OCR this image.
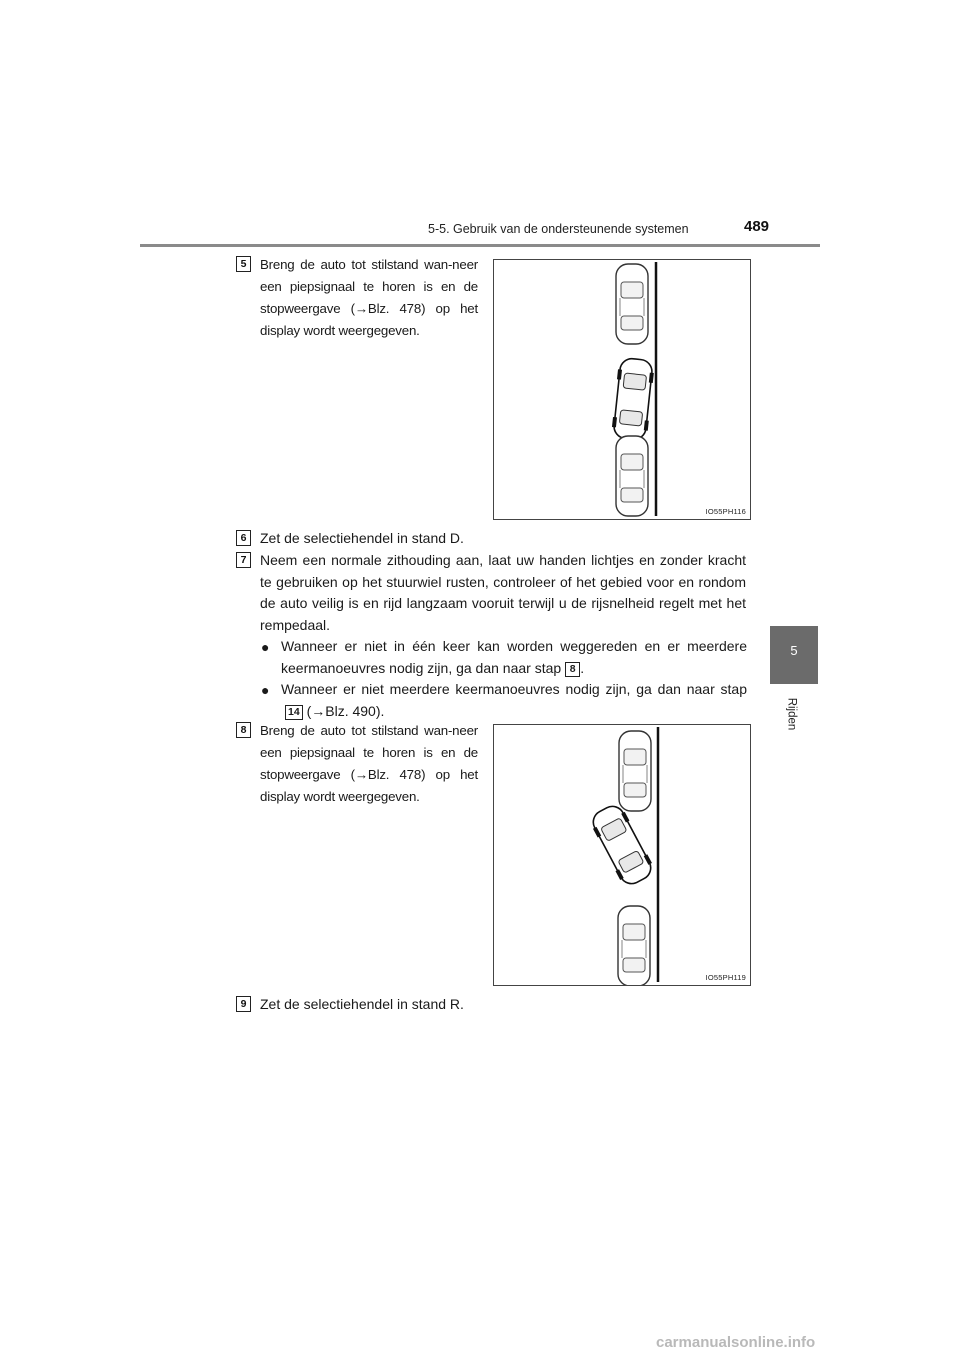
5-5. Gebruik van de ondersteunende systemen	489
5
Rijden
5	Breng de auto tot stilstand wan-neer een piepsignaal te horen is en de stopweergave (→Blz. 478) op het display wordt weergegeven.
IO55PH116
6 Zet de selectiehendel in stand D.
7 Neem een normale zithouding aan, laat uw handen lichtjes en zonder kracht te gebruiken op het stuurwiel rusten, controleer of het gebied voor en rondom de auto veilig is en rijd langzaam vooruit terwijl u de rijsnelheid regelt met het rempedaal.
● Wanneer er niet in één keer kan worden weggereden en er meerdere keermanoeuvres nodig zijn, ga dan naar stap 8 .
● Wanneer er niet meerdere keermanoeuvres nodig zijn, ga dan naar stap14 (→Blz. 490).
8	Breng de auto tot stilstand wan-neer een piepsignaal te horen is en de stopweergave (→Blz. 478) op het display wordt weergegeven.
IO55PH119
9 Zet de selectiehendel in stand R.
carmanualsonline.info
